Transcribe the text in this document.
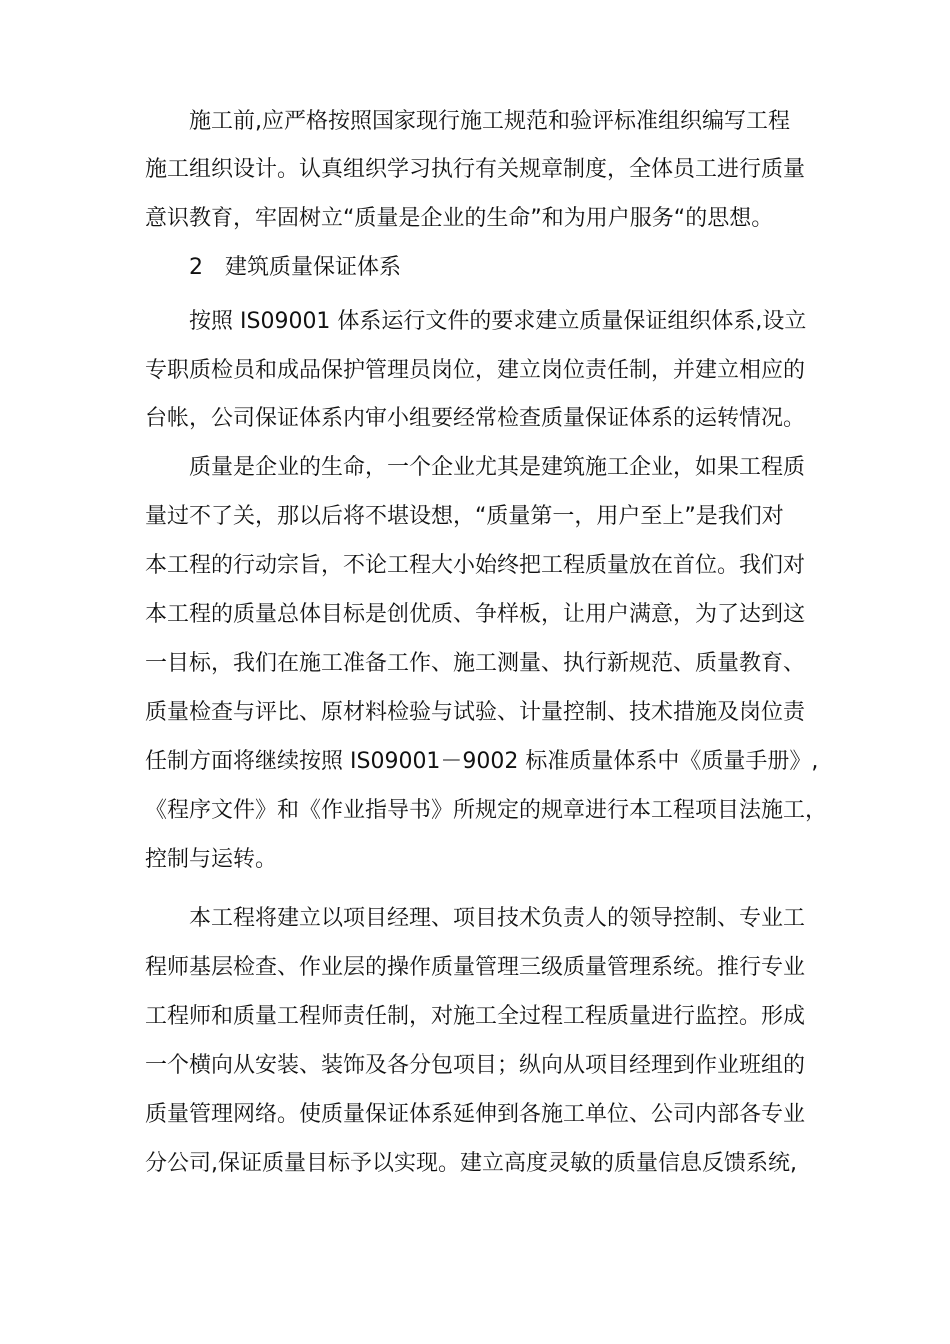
施工前,应严格按照国家现行施工规范和验评标准组织编写工程
施工组织设计。认真组织学习执行有关规章制度，全体员工进行质量
意识教育，牢固树立“质量是企业的生命”和为用户服务“的思想。
2　建筑质量保证体系
按照 IS09001 体系运行文件的要求建立质量保证组织体系,设立
专职质检员和成品保护管理员岗位，建立岗位责任制，并建立相应的
台帐，公司保证体系内审小组要经常检查质量保证体系的运转情况。
质量是企业的生命，一个企业尤其是建筑施工企业，如果工程质
量过不了关，那以后将不堪设想，“质量第一，用户至上”是我们对
本工程的行动宗旨，不论工程大小始终把工程质量放在首位。我们对
本工程的质量总体目标是创优质、争样板，让用户满意，为了达到这
一目标，我们在施工准备工作、施工测量、执行新规范、质量教育、
质量检查与评比、原材料检验与试验、计量控制、技术措施及岗位责
任制方面将继续按照 IS09001－9002 标准质量体系中《质量手册》,
《程序文件》和《作业指导书》所规定的规章进行本工程项目法施工，
控制与运转。
本工程将建立以项目经理、项目技术负责人的领导控制、专业工
程师基层检查、作业层的操作质量管理三级质量管理系统。推行专业
工程师和质量工程师责任制，对施工全过程工程质量进行监控。形成
一个横向从安装、装饰及各分包项目；纵向从项目经理到作业班组的
质量管理网络。使质量保证体系延伸到各施工单位、公司内部各专业
分公司,保证质量目标予以实现。建立高度灵敏的质量信息反馈系统,
